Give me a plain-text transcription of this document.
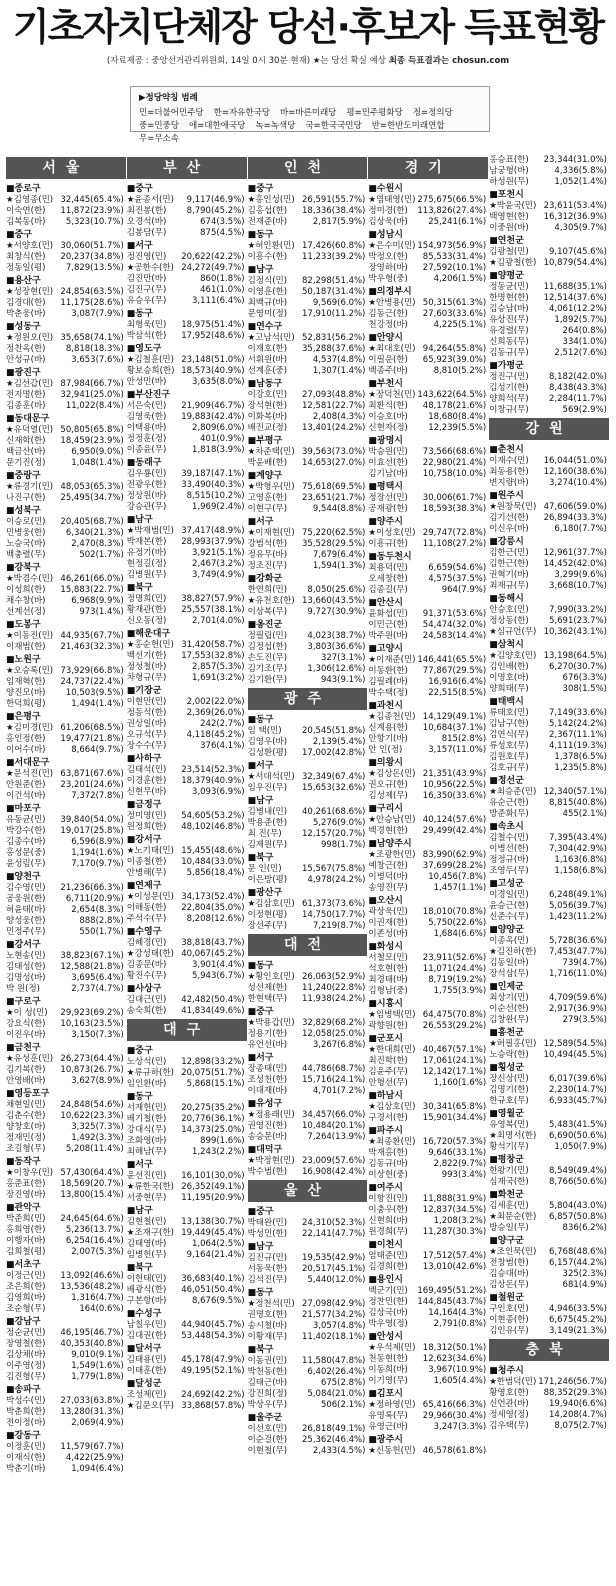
기초자치단체장 당선·후보자 득표현황
(자료제공 : 중앙선거관리위원회, 14일 0시 30분 현재) ★는 당선 확실 예상 최종 득표결과는 chosun.com
▶정당약칭 범례
민=더불어민주당 한=자유한국당 바=바른미래당 평=민주평화당 정=정의당
중=민중당 애=대한애국당 녹=녹색당 국=한국국민당 반=한반도미래연합
무=무소속
서울
■종로구
★김영종(민) 32,445(65.4%)
이숙연(한)	11,872(23.9%)
김복동(바)	5,323(10.7%)
■중구
★서양호(민) 30,060(51.7%)
최창식(한)	20,237(34.8%)
정동일(평)	7,829(13.5%)
■용산구
★성장현(민) 24,854(63.5%)
김경대(한)	11,175(28.6%)
박춘웅(바)	3,087(7.9%)
■성동구
★정원오(민) 35,658(74.1%)
정찬옥(한)	8,818(18.3%)
안성규(바)	3,653(7.6%)
■광진구
★김선갑(민) 87,984(66.7%)
전지명(한)	32,941(25.0%)
김종훈(바)	11,022(8.4%)
■동대문구
★유덕열(민) 50,805(65.8%)
신재학(한)	18,459(23.9%)
백금산(바)	6,950(9.0%)
문기진(정)	1,048(1.4%)
■중랑구
★류경기(민) 48,053(65.3%)
나진구(한)	25,495(34.7%)
■성북구
이승로(민)	20,405(68.7%)
민병웅(한)	6,340(21.3%)
노승국(바)	2,470(8.3%)
백충렬(무)	502(1.7%)
■강북구
★박겸수(민) 46,261(66.0%)
이성희(한)	15,883(22.7%)
채수창(바)	6,968(9.9%)
선계선(정)	973(1.4%)
■도봉구
★이동진(민) 44,935(67.7%)
이재범(한)	21,463(32.3%)
■노원구
★오승록(민) 73,929(66.8%)
임재혁(한)	24,737(22.4%)
양진모(바)	10,503(9.5%)
한덕희(평)	1,494(1.4%)
■은평구
★김미경(민) 61,206(68.5%)
홍인정(한)	19,477(21.8%)
이어수(바)	8,664(9.7%)
■서대문구
★문석진(민) 63,871(67.6%)
안원준(한)	23,201(24.6%)
이건석(바)	7,372(7.8%)
■마포구
유동균(민)	39,840(54.0%)
박강수(한)	19,017(25.8%)
김종수(바)	6,596(8.9%)
홍성문(중)	1,194(1.6%)
윤성림(무)	7,170(9.7%)
■양천구
김수영(민)	21,236(66.3%)
공웅원(한)	6,711(20.9%)
허윤태(바)	2,654(8.3%)
양성웅(한)	888(2.8%)
민정주(무)	550(1.7%)
■강서구
노현송(민)	38,823(67.1%)
김태성(한)	12,588(21.8%)
김명성(바)	3,695(6.4%)
박 원(정)	2,737(4.7%)
■구로구
★이 성(민)	29,923(69.2%)
강요식(한)	10,163(23.5%)
이진우(바)	3,150(7.3%)
■금천구
★유성훈(민) 26,273(64.4%)
김기복(한)	10,873(26.7%)
안영배(바)	3,627(8.9%)
■영등포구
채현일(민)	24,848(54.6%)
김춘수(한)	10,622(23.3%)
양창호(바)	3,325(7.3%)
정재민(정)	1,492(3.3%)
조길형(무)	5,208(11.4%)
■동작구
★이창우(민) 57,430(64.4%)
홍준표(한)	18,569(20.7%)
장진영(바)	13,800(15.4%)
■관악구
박준희(민)	24,645(64.6%)
홍희영(한)	5,236(13.7%)
이행자(바)	6,254(16.4%)
김희철(평)	2,007(5.3%)
■서초구
이정근(민)	13,092(46.6%)
조은희(한)	13,536(48.2%)
김영희(바)	1,316(4.7%)
조순형(무)	164(0.6%)
■강남구
정순균(민)	46,195(46.7%)
장영철(한)	40,353(40.8%)
김상채(바)	9,010(9.1%)
이주영(정)	1,549(1.6%)
김진형(무)	1,779(1.8%)
■송파구
박성수(민)	27,033(63.8%)
박춘희(한)	13,280(31.3%)
전이정(바)	2,069(4.9%)
■강동구
이정훈(민)	11,579(67.7%)
이재식(한)	4,422(25.9%)
박춘기(바)	1,094(6.4%)
부산
■중구
★윤종서(민)	9,117(46.9%)
최진봉(한)	8,790(45.2%)
오경석(바)	674(3.5%)
김봉담(무)	875(4.5%)
■서구
정진영(민)	20,622(42.2%)
★공한수(한) 24,272(49.7%)
김진만(바)	860(1.8%)
김진구(무)	461(1.0%)
유승우(무)	3,111(6.4%)
■동구
최형욱(민)	18,975(51.4%)
박삼석(한)	17,952(48.6%)
■영도구
★김철훈(민) 23,148(51.0%)
황보승희(한) 18,573(40.9%)
안성민(바)	3,635(8.0%)
■부산진구
서은숙(민)	21,909(46.7%)
김영욱(한)	19,883(42.4%)
이택용(바)	2,809(6.0%)
정정훈(정)	401(0.9%)
이종윤(무)	1,818(3.9%)
■동래구
김우룡(민)	39,187(47.1%)
전광우(한)	33,490(40.3%)
정상원(바)	8,515(10.2%)
강승관(무)	1,969(2.4%)
■남구
★박재범(민) 37,417(48.9%)
박재본(한)	28,993(37.9%)
유정기(바)	3,921(5.1%)
현정길(정)	2,467(3.2%)
김병원(무)	3,749(4.9%)
■북구
정명희(민)	38,827(57.9%)
황재관(한)	25,557(38.1%)
신오동(정)	2,701(4.0%)
■해운대구
★홍순헌(민) 31,420(58.7%)
백선기(한)	17,553(32.8%)
정성철(바)	2,857(5.3%)
차형규(무)	1,691(3.2%)
■기장군
이현만(민)	2,002(22.0%)
정동석(한)	2,369(26.0%)
권상일(바)	242(2.7%)
오규석(무)	4,118(45.2%)
장수수(무)	376(4.1%)
■사하구
김태석(민)	23,514(52.3%)
이경훈(한)	18,379(40.9%)
신현무(바)	3,093(6.9%)
■금정구
정미영(민)	54,605(53.2%)
원정희(한)	48,102(46.8%)
■강서구
★노기태(민) 15,455(48.6%)
이종철(한)	10,484(33.0%)
안병해(무)	5,856(18.4%)
■연제구
★이성문(민) 34,173(52.4%)
이해동(한)	22,804(35.0%)
주석수(무)	8,208(12.6%)
■수영구
김혜경(민)	38,818(43.7%)
★강성태(한) 40,067(45.2%)
김종문(바)	3,901(4.4%)
황진수(무)	5,943(6.7%)
■사상구
김대근(민)	42,482(50.4%)
송숙희(한)	41,834(49.6%)
대구
■중구
노상석(민)	12,898(33.2%)
★류규하(한) 20,075(51.7%)
임인환(바)	5,868(15.1%)
■동구
서재헌(민)	20,275(35.2%)
배기철(한)	20,776(36.1%)
강대식(무)	14,373(25.0%)
조화영(바)	899(1.6%)
최해남(무)	1,243(2.2%)
■서구
윤선진(민)	16,101(30.0%)
★류한국(한) 26,352(49.1%)
서중현(무)	11,195(20.9%)
■남구
김현철(민)	13,138(30.7%)
★조재구(한) 19,449(45.4%)
김태영(바)	1,064(2.5%)
임병헌(무)	9,164(21.4%)
■북구
이헌태(민)	36,683(40.1%)
배광식(한)	46,051(50.4%)
구본항(바)	8,676(9.5%)
■수성구
남칠우(민)	44,940(45.7%)
김대권(한)	53,448(54.3%)
■달서구
김태용(민)	45,178(47.9%)
이태훈(한)	49,195(52.1%)
■달성군
조성제(민)	24,692(42.2%)
★김문오(무) 33,868(57.8%)
인천
■중구
★홍인성(민) 26,591(55.7%)
김홍섭(한)	18,336(38.4%)
전재준(바)	2,817(5.9%)
■동구
★허인환(민) 17,426(60.8%)
이흥수(한)	11,233(39.2%)
■남구
김정식(민)	82,298(51.4%)
이영훈(한)	50,187(31.4%)
최백규(바)	9,569(6.0%)
문영미(정)	17,910(11.2%)
■연수구
★고남석(민) 52,831(56.2%)
이재호(한)	35,288(37.6%)
서휘원(바)	4,537(4.8%)
선계훈(중)	1,307(1.4%)
■남동구
이강호(민)	27,093(48.8%)
장석현(한)	12,581(22.7%)
이화복(바)	2,408(4.3%)
배진교(정)	13,401(24.2%)
■부평구
★차준택(민) 39,563(73.0%)
박윤배(한)	14,653(27.0%)
■계양구
★박형우(민) 75,618(69.5%)
고영훈(한)	23,651(21.7%)
이현구(무)	9,544(8.8%)
■서구
★이재현(민) 75,220(62.5%)
강범석(한)	35,528(29.5%)
정유무(바)	7,679(6.4%)
정조진(무)	1,594(1.3%)
■강화군
한연희(민)	8,050(25.6%)
★유천호(한) 13,660(43.5%)
이상복(무)	9,727(30.9%)
■옹진군
정필립(민)	4,023(38.7%)
김정섭(한)	3,803(36.6%)
손도진(무)	327(3.1%)
김기조(무)	1,306(12.6%)
김기환(무)	943(9.1%)
광주
■동구
임 택(민)	20,545(51.8%)
김영우(바)	2,139(5.4%)
김성환(평)	17,002(42.8%)
■서구
★서대석(민) 32,349(67.4%)
임우진(무)	15,653(32.6%)
■남구
김병내(민)	40,261(68.6%)
박용준(한)	5,276(9.0%)
최 진(무)	12,157(20.7%)
김제원(무)	998(1.7%)
■북구
문 인(민)	15,567(75.8%)
이은방(평)	4,978(24.2%)
■광산구
★김삼호(민) 61,373(73.6%)
이정현(평)	14,750(17.7%)
장선주(무)	7,219(8.7%)
대전
■동구
★황인호(민) 26,063(52.9%)
성선제(한)	11,240(22.8%)
한현택(무)	11,938(24.2%)
■중구
★박용갑(민) 32,829(68.2%)
정용기(한)	12,058(25.0%)
유언선(바)	3,267(6.8%)
■서구
장종태(민)	44,786(68.7%)
조성천(한)	15,716(24.1%)
이대재(바)	4,701(7.2%)
■유성구
★정용래(민) 34,457(66.0%)
권영진(한)	10,484(20.1%)
송승문(바)	7,264(13.9%)
■대덕구
★박정현(민) 23,009(57.6%)
박수범(한)	16,908(42.4%)
울산
■중구
박태완(민)	24,310(52.3%)
박성민(한)	22,141(47.7%)
■남구
김진규(민)	19,535(42.9%)
서동욱(한)	20,517(45.1%)
김석진(무)	5,440(12.0%)
■동구
★정천석(민) 27,098(42.9%)
권명호(한)	21,577(34.2%)
송시철(바)	3,057(4.8%)
이황재(무)	11,402(18.1%)
■북구
이동권(민)	11,580(47.8%)
박천동(한)	6,402(26.4%)
김태근(바)	675(2.8%)
강진희(정)	5,084(21.0%)
박상우(무)	506(2.1%)
■울주군
이선호(민)	26,818(49.1%)
이순걸(한)	25,362(46.4%)
이현철(무)	2,433(4.5%)
경기
■수원시
★염태영(민) 275,675(66.5%)
정미경(한)	113,826(27.4%)
김상욱(바)	25,241(6.1%)
■성남시
★은수미(민) 154,973(56.9%)
박정오(한)	85,533(31.4%)
장영하(바)	27,592(10.1%)
박우형(중)	4,206(1.5%)
■의정부시
★안병용(민) 50,315(61.3%)
김동근(한)	27,603(33.6%)
천강정(바)	4,225(5.1%)
■안양시
★최대호(민) 94,264(55.8%)
이필운(한)	65,923(39.0%)
백종주(바)	8,810(5.2%)
■부천시
★장덕천(민) 143,622(64.5%)
최환식(한)	48,178(21.6%)
이승호(바)	18,680(8.4%)
신현자(정)	12,239(5.5%)
■광명시
박승원(민)	73,566(68.6%)
이효선(한)	22,980(21.4%)
김기남(바)	10,758(10.0%)
■평택시
정장선(민)	30,006(61.7%)
공재광(한)	18,593(38.3%)
■양주시
★이성호(민) 29,747(72.8%)
이흥규(한)	11,108(27.2%)
■동두천시
최용덕(민)	6,659(54.6%)
오세창(한)	4,575(37.5%)
김종길(무)	964(7.9%)
■안산시
윤화섭(민)	91,371(53.6%)
이민근(한)	54,474(32.0%)
박주원(바)	24,583(14.4%)
■고양시
★이재준(민) 146,441(65.5%)
이동환(한)	77,867(29.5%)
김필례(바)	16,916(6.4%)
박수택(정)	22,515(8.5%)
■과천시
★김종천(민) 14,129(49.1%)
신계용(한)	10,684(37.1%)
안항기(바)	815(2.8%)
안 인(정)	3,157(11.0%)
■의왕시
★김상돈(민) 21,351(43.9%)
권오규(한)	10,956(22.5%)
김성제(무)	16,350(33.6%)
■구리시
★안승남(민) 40,124(57.6%)
백경현(한)	29,499(42.4%)
■남양주시
★조광한(민) 83,990(62.9%)
예창근(한)	37,699(28.2%)
이병덕(바)	10,456(7.8%)
송영진(무)	1,457(1.1%)
■오산시
곽상욱(민)	18,010(70.8%)
이권재(한)	5,750(22.6%)
이존성(바)	1,684(6.6%)
■화성시
서철모(민)	23,911(52.6%)
석호현(한)	11,071(24.4%)
최경태(바)	8,719(19.2%)
김형남(중)	1,755(3.9%)
■시흥시
★임병택(민) 64,475(70.8%)
곽향원(한)	26,553(29.2%)
■군포시
★한대희(민) 40,467(57.1%)
최진학(한)	17,061(24.1%)
김윤주(무)	12,142(17.1%)
안형선(무)	1,160(1.6%)
■하남시
★김상호(민) 30,341(65.8%)
구경서(한)	15,901(34.4%)
■파주시
★최종환(민) 16,720(57.3%)
박재홍(한)	9,646(33.1%)
김동규(바)	2,822(9.7%)
이상헌(중)	993(3.4%)
■여주시
이항진(민)	11,888(31.9%)
이충우(한)	12,837(34.5%)
신현희(바)	1,208(3.2%)
원경희(무)	11,287(30.3%)
■이천시
엄태준(민)	17,512(57.4%)
김경희(한)	13,010(42.6%)
■용인시
백군기(민)	169,495(51.2%)
정찬민(한)	144,845(43.7%)
김상국(바)	14,164(4.3%)
박우영(정)	2,791(0.8%)
■안성시
★우석제(민) 18,312(50.1%)
천동현(한)	12,623(34.6%)
이동희(바)	3,967(10.9%)
이기영(무)	1,605(4.4%)
■김포시
★정하영(민) 65,416(66.3%)
유영록(무)	29,966(30.4%)
유영근(바)	3,247(3.3%)
■광주시
★신동헌(민) 46,578(61.8%)
홍승표(한)	23,344(31.0%)
남궁형(바)	4,336(5.8%)
하성원(무)	1,052(1.4%)
■포천시
★박윤국(민) 23,611(53.4%)
백영현(한)	16,312(36.9%)
이중원(바)	4,305(9.7%)
■연천군
김광철(민)	9,107(45.6%)
★김광철(한) 10,879(54.4%)
■양평군
정동균(민)	11,688(35.1%)
한명현(한)	12,514(37.6%)
김승남(바)	4,061(12.2%)
유상진(무)	1,892(5.7%)
유경렬(무)	264(0.8%)
신희동(무)	334(1.0%)
김동규(무)	2,512(7.6%)
■가평군
정진구(민)	8,182(42.0%)
김성기(한)	8,438(43.3%)
양희석(무)	2,284(11.7%)
이창규(무)	569(2.9%)
강원
■춘천시
이재수(민)	16,044(51.0%)
최동용(한)	12,160(38.6%)
변지량(바)	3,274(10.4%)
■원주시
★원창묵(민) 47,606(59.0%)
김기선(한)	26,894(33.3%)
이신우(바)	6,180(7.7%)
■강릉시
김한근(민)	12,961(37.7%)
김한근(한)	14,452(42.0%)
권혁기(바)	3,299(9.6%)
최재규(무)	3,668(10.7%)
■동해시
안승호(민)	7,990(33.2%)
정상동(한)	5,691(23.7%)
★심규언(무) 10,362(43.1%)
■삼척시
★김양호(민) 13,198(64.5%)
김인배(한)	6,270(30.7%)
이명호(바)	676(3.3%)
양희태(무)	308(1.5%)
■태백시
류태호(민)	7,149(33.6%)
김남구(한)	5,142(24.2%)
김연식(무)	2,367(11.1%)
류성호(무)	4,111(19.3%)
김원호(무)	1,378(6.5%)
김호규(무)	1,235(5.8%)
■정선군
★최승준(민) 12,340(57.1%)
유순근(한)	8,815(40.8%)
방준화(무)	455(2.1%)
■속초시
김철수(민)	7,395(43.4%)
이병선(한)	7,304(42.9%)
정정규(바)	1,163(6.8%)
조영두(무)	1,158(6.8%)
■고성군
이경일(민)	6,248(49.1%)
윤승근(한)	5,056(39.7%)
신준수(무)	1,423(11.2%)
■양양군
이종옥(민)	5,728(36.6%)
★김진하(한)	7,453(47.7%)
김동일(바)	739(4.7%)
장석삼(무)	1,716(11.0%)
■인제군
최상기(민)	4,709(59.6%)
이순선(한)	2,917(36.9%)
김창완(무)	279(3.5%)
■홍천군
★허필홍(민) 12,589(54.5%)
노승락(한)	10,494(45.5%)
■횡성군
장신상(민)	6,017(39.6%)
김명기(한)	2,230(14.7%)
한규호(무)	6,933(45.7%)
■영월군
유영복(민)	5,483(41.5%)
★최명서(한)	6,690(50.6%)
황석기(무)	1,050(7.9%)
■평창군
한왕기(민)	8,549(49.4%)
심재국(한)	8,766(50.6%)
■화천군
김세훈(민)	5,804(43.0%)
★최문순(한)	6,857(50.8%)
방승일(무)	836(6.2%)
■양구군
★조인묵(민)	6,768(48.6%)
전창범(한)	6,157(44.2%)
김승대(바)	325(2.3%)
김상돈(무)	681(4.9%)
■철원군
구인호(민)	4,946(33.5%)
이현종(한)	6,675(45.2%)
김인유(무)	3,149(21.3%)
충북
■청주시
★한범덕(민) 171,246(56.7%)
황영호(한)	88,352(29.3%)
신언관(바)	19,940(6.6%)
정세영(정)	14,208(4.7%)
김우택(무)	8,075(2.7%)
